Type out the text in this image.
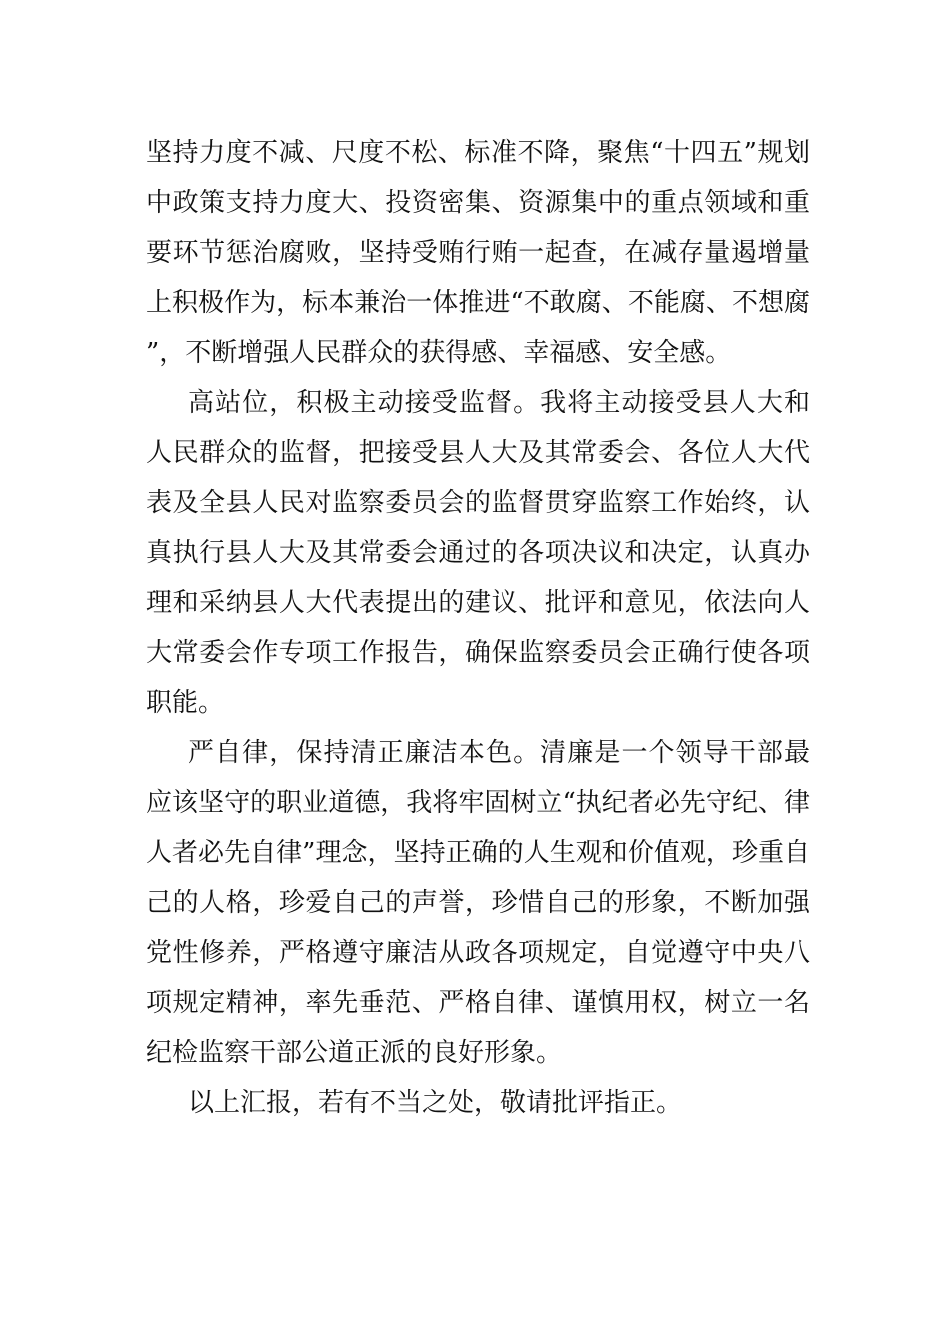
坚持力度不减、尺度不松、标准不降，聚焦“十四五”规划中政策支持力度大、投资密集、资源集中的重点领域和重要环节惩治腐败，坚持受贿行贿一起查，在减存量遏增量上积极作为，标本兼治一体推进“不敢腐、不能腐、不想腐”，不断增强人民群众的获得感、幸福感、安全感。

高站位，积极主动接受监督。我将主动接受县人大和人民群众的监督，把接受县人大及其常委会、各位人大代表及全县人民对监察委员会的监督贯穿监察工作始终，认真执行县人大及其常委会通过的各项决议和决定，认真办理和采纳县人大代表提出的建议、批评和意见，依法向人大常委会作专项工作报告，确保监察委员会正确行使各项职能。

严自律，保持清正廉洁本色。清廉是一个领导干部最应该坚守的职业道德，我将牢固树立“执纪者必先守纪、律人者必先自律”理念，坚持正确的人生观和价值观，珍重自己的人格，珍爱自己的声誉，珍惜自己的形象，不断加强党性修养，严格遵守廉洁从政各项规定，自觉遵守中央八项规定精神，率先垂范、严格自律、谨慎用权，树立一名纪检监察干部公道正派的良好形象。

以上汇报，若有不当之处，敬请批评指正。
